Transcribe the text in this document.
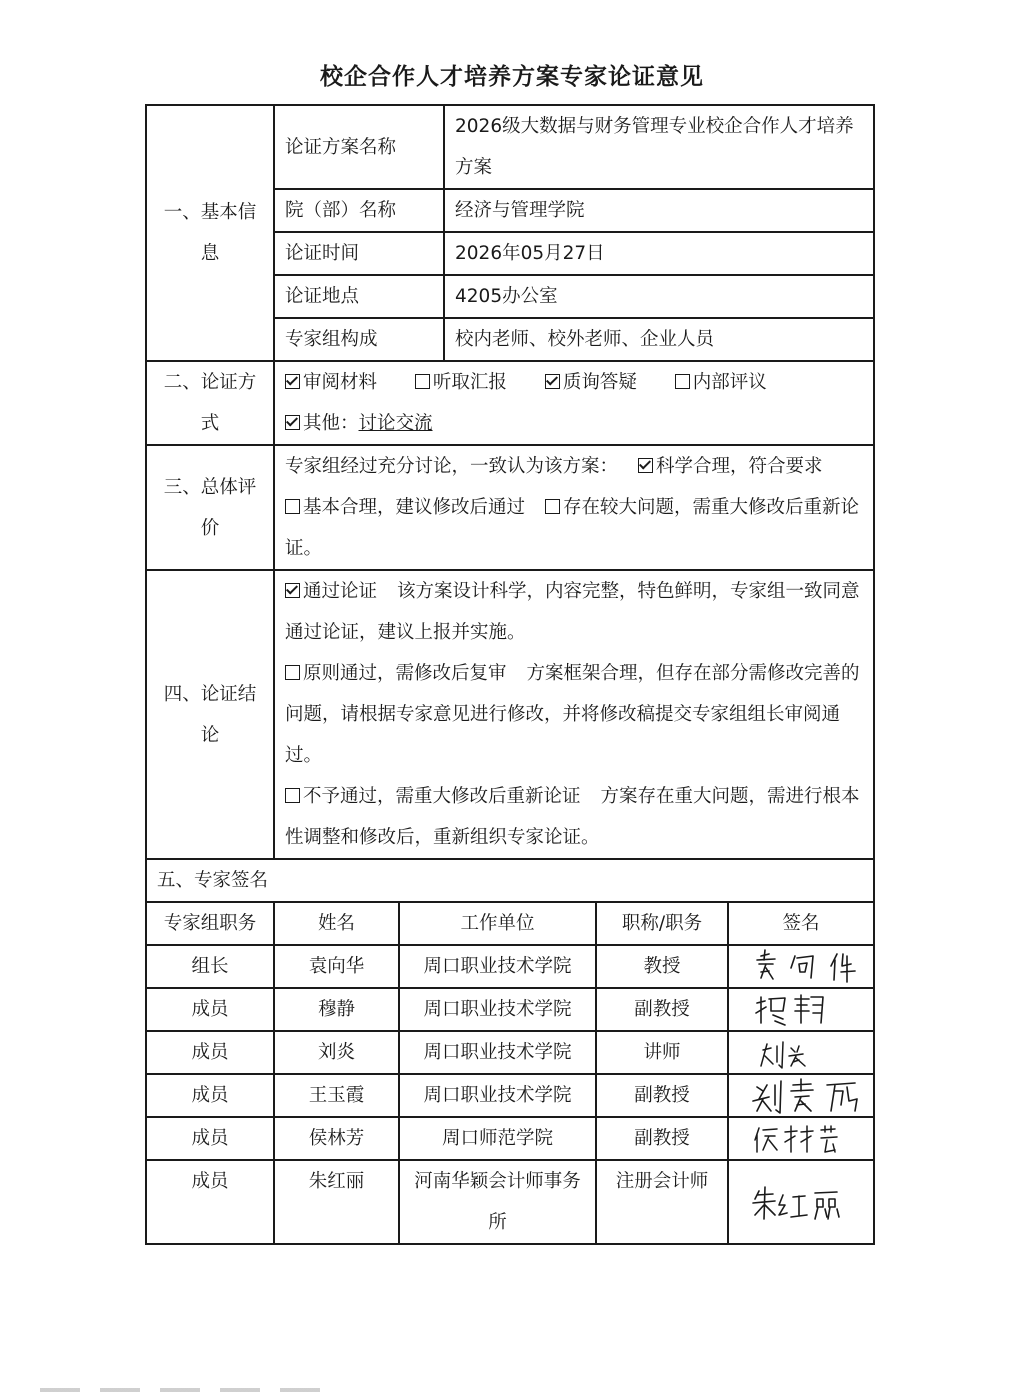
校企合作人才培养方案专家论证意见
一、基本信息	论证方案名称		2026级大数据与财务管理专业校企合作人才培养方案		
	院（部）名称		经济与管理学院		
	论证时间		2026年05月27日		
	论证地点		4205办公室		
	专家组构成		校内老师、校外老师、企业人员		
二、论证方式	审阅材料 听取汇报 质询答疑 内部评议
其他：讨论交流				

三、总体评价	专家组经过充分讨论，一致认为该方案： 科学合理，符合要求
基本合理，建议修改后通过 存在较大问题，需重大修改后重新论证。				
四、论证结论	通过论证 该方案设计科学，内容完整，特色鲜明，专家组一致同意通过论证，建议上报并实施。
原则通过，需修改后复审 方案框架合理，但存在部分需修改完善的问题，请根据专家意见进行修改，并将修改稿提交专家组组长审阅通过。
不予通过，需重大修改后重新论证 方案存在重大问题，需进行根本性调整和修改后，重新组织专家论证。				

五、专家签名					
专家组职务	姓名	工作单位		职称/职务	签名
组长	袁向华	周口职业技术学院		教授	

成员	穆静	周口职业技术学院		副教授	

成员	刘炎	周口职业技术学院		讲师	

成员	王玉霞	周口职业技术学院		副教授	

成员	侯林芳	周口师范学院		副教授	

成员	朱红丽	河南华颖会计师事务所		注册会计师	
